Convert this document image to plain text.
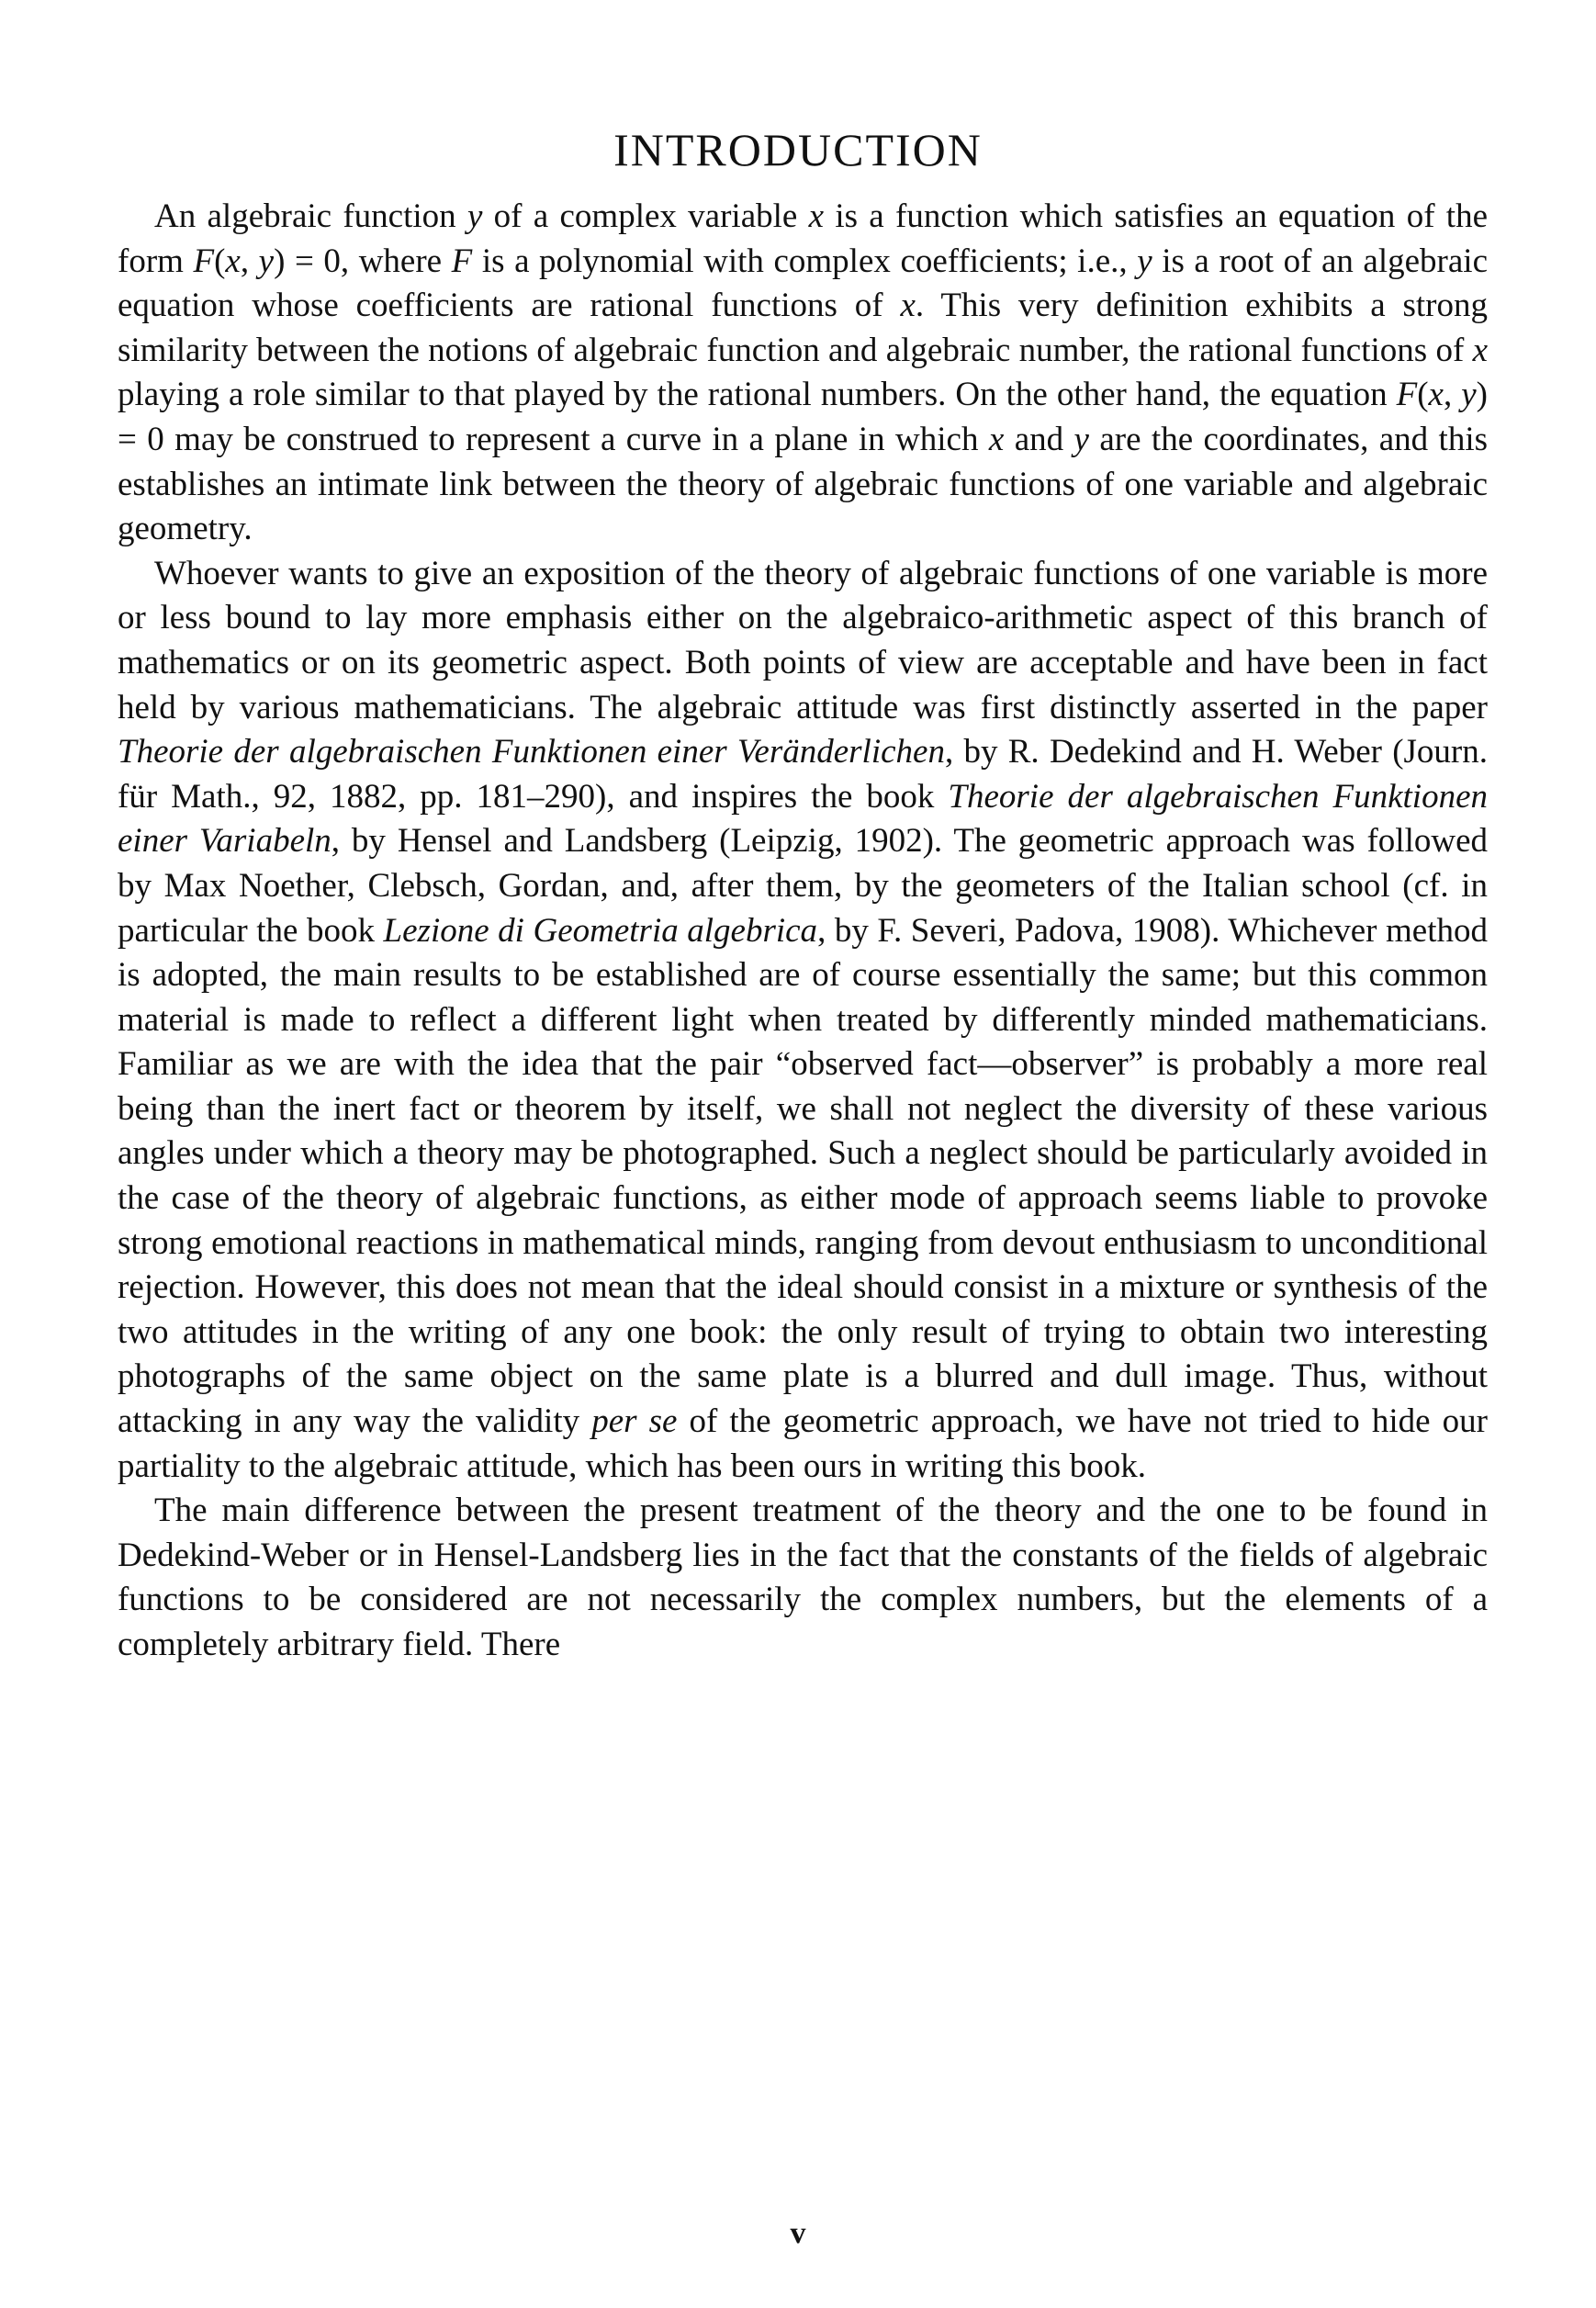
INTRODUCTION

An algebraic function y of a complex variable x is a function which satisfies an equation of the form F(x, y) = 0, where F is a polynomial with complex coefficients; i.e., y is a root of an algebraic equation whose coefficients are rational functions of x. This very definition exhibits a strong similarity between the notions of algebraic function and algebraic number, the rational functions of x playing a role similar to that played by the rational numbers. On the other hand, the equation F(x, y) = 0 may be construed to represent a curve in a plane in which x and y are the coordinates, and this establishes an intimate link between the theory of algebraic functions of one variable and algebraic geometry.

Whoever wants to give an exposition of the theory of algebraic functions of one variable is more or less bound to lay more emphasis either on the algebraico-arithmetic aspect of this branch of mathematics or on its geometric aspect. Both points of view are acceptable and have been in fact held by various mathematicians. The algebraic attitude was first distinctly asserted in the paper Theorie der algebraischen Funktionen einer Veränderlichen, by R. Dedekind and H. Weber (Journ. für Math., 92, 1882, pp. 181–290), and inspires the book Theorie der algebraischen Funktionen einer Variabeln, by Hensel and Landsberg (Leipzig, 1902). The geometric approach was followed by Max Noether, Clebsch, Gordan, and, after them, by the geometers of the Italian school (cf. in particular the book Lezione di Geometria algebrica, by F. Severi, Padova, 1908). Whichever method is adopted, the main results to be established are of course essentially the same; but this common material is made to reflect a different light when treated by differently minded mathematicians. Familiar as we are with the idea that the pair “observed fact—observer” is probably a more real being than the inert fact or theorem by itself, we shall not neglect the diversity of these various angles under which a theory may be photographed. Such a neglect should be particularly avoided in the case of the theory of algebraic functions, as either mode of approach seems liable to provoke strong emotional reactions in mathematical minds, ranging from devout enthusiasm to unconditional rejection. However, this does not mean that the ideal should consist in a mixture or synthesis of the two attitudes in the writing of any one book: the only result of trying to obtain two interesting photographs of the same object on the same plate is a blurred and dull image. Thus, without attacking in any way the validity per se of the geometric approach, we have not tried to hide our partiality to the algebraic attitude, which has been ours in writing this book.

The main difference between the present treatment of the theory and the one to be found in Dedekind-Weber or in Hensel-Landsberg lies in the fact that the constants of the fields of algebraic functions to be considered are not necessarily the complex numbers, but the elements of a completely arbitrary field. There

v
